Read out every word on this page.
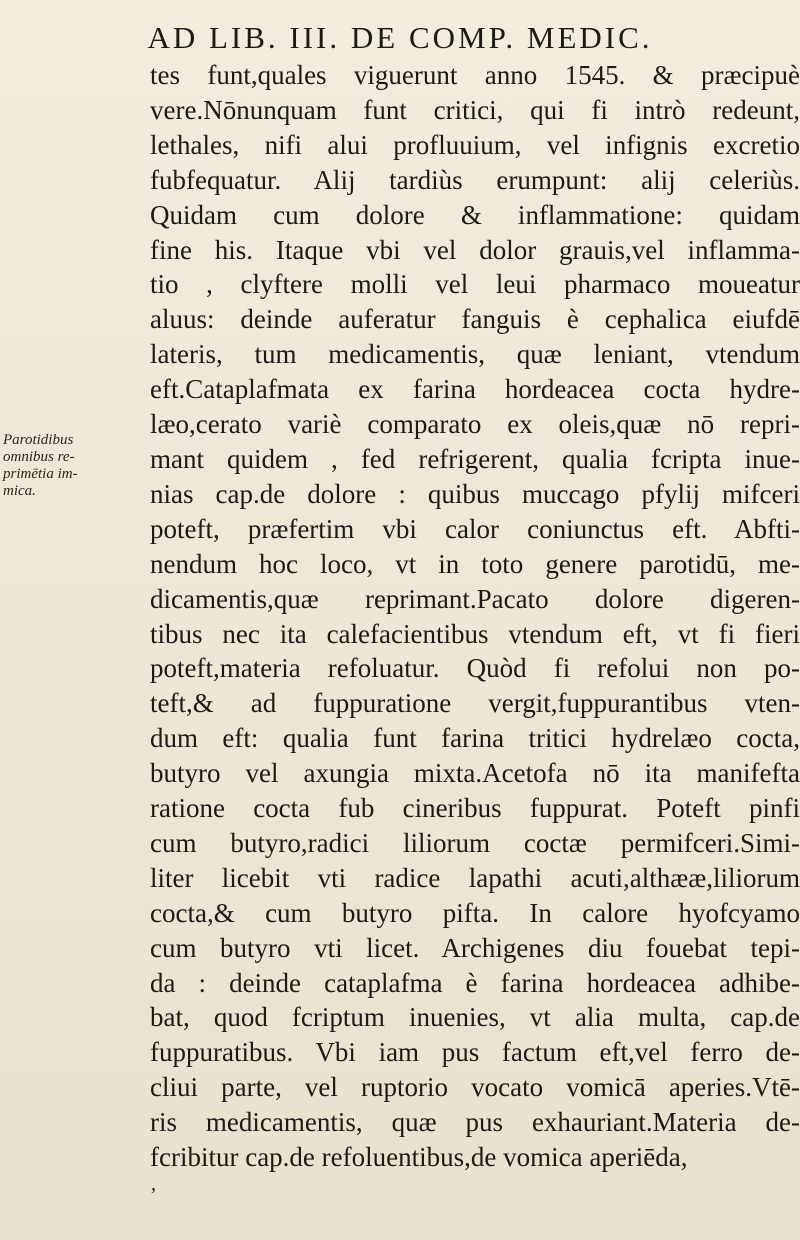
AD LIB. III. DE COMP. MEDIC.
Parotidibus
omnibus re-
primētia im-
mica.
tes funt,quales viguerunt anno 1545. & præcipuè
vere.Nōnunquam funt critici, qui fi intrò redeunt,
lethales, nifi alui profluuium, vel infignis excretio
fubfequatur. Alij tardiùs erumpunt: alij celeriùs.
Quidam cum dolore & inflammatione: quidam
fine his. Itaque vbi vel dolor grauis,vel inflamma-
tio , clyftere molli vel leui pharmaco moueatur
aluus: deinde auferatur fanguis è cephalica eiufdē
lateris, tum medicamentis, quæ leniant, vtendum
eft.Cataplafmata ex farina hordeacea cocta hydre-
læo,cerato variè comparato ex oleis,quæ nō repri-
mant quidem , fed refrigerent, qualia fcripta inue-
nias cap.de dolore : quibus muccago pfylij mifceri
poteft, præfertim vbi calor coniunctus eft. Abfti-
nendum hoc loco, vt in toto genere parotidū, me-
dicamentis,quæ reprimant.Pacato dolore digeren-
tibus nec ita calefacientibus vtendum eft, vt fi fieri
poteft,materia refoluatur. Quòd fi refolui non po-
teft,& ad fuppuratione vergit,fuppurantibus vten-
dum eft: qualia funt farina tritici hydrelæo cocta,
butyro vel axungia mixta.Acetofa nō ita manifefta
ratione cocta fub cineribus fuppurat. Poteft pinfi
cum butyro,radici liliorum coctæ permifceri.Simi-
liter licebit vti radice lapathi acuti,althææ,liliorum
cocta,& cum butyro pifta. In calore hyofcyamo
cum butyro vti licet. Archigenes diu fouebat tepi-
da : deinde cataplafma è farina hordeacea adhibe-
bat, quod fcriptum inuenies, vt alia multa, cap.de
fuppuratibus. Vbi iam pus factum eft,vel ferro de-
cliui parte, vel ruptorio vocato vomicā aperies.Vtē-
ris medicamentis, quæ pus exhauriant.Materia de-
fcribitur cap.de refoluentibus,de vomica aperiēda,
,
